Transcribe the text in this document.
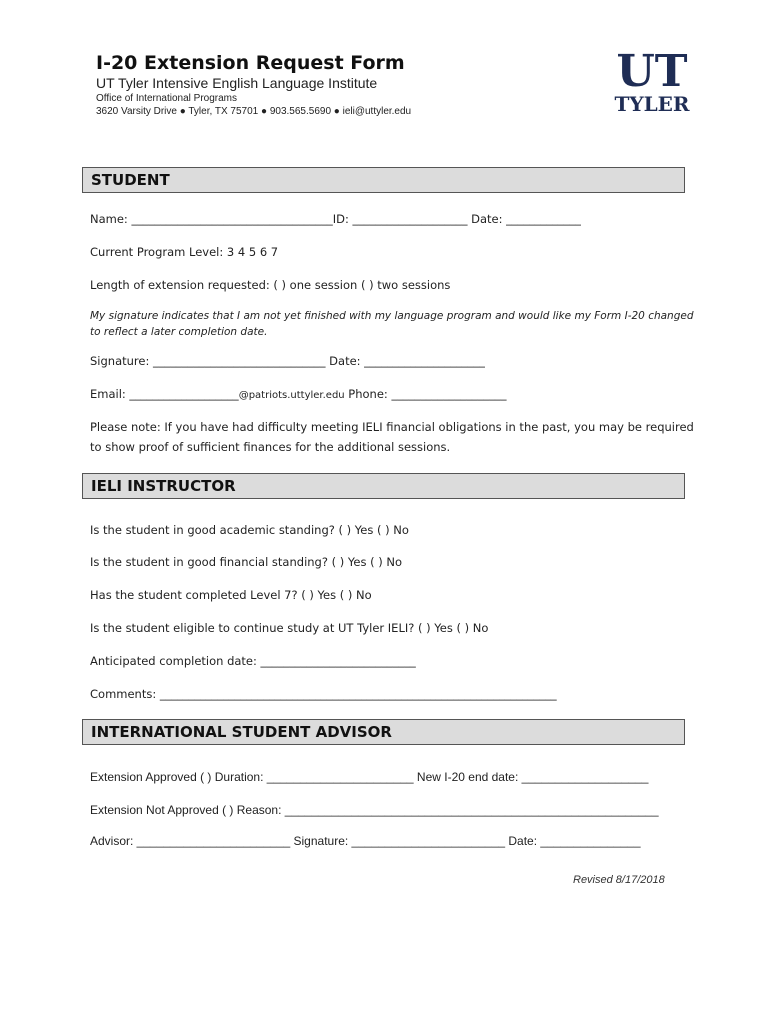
I-20 Extension Request Form
UT Tyler Intensive English Language Institute
Office of International Programs
3620 Varsity Drive ● Tyler, TX 75701 ● 903.565.5690 ● ieli@uttyler.edu
UT
TYLER
STUDENT
Name: ___________________________________ID: ____________________ Date: _____________
Current Program Level: 3 4 5 6 7
Length of extension requested: ( ) one session ( ) two sessions
My signature indicates that I am not yet finished with my language program and would like my Form I-20 changed
to reflect a later completion date.
Signature: ______________________________ Date: _____________________
Email: ___________________@patriots.uttyler.edu Phone: ____________________
Please note: If you have had difficulty meeting IELI financial obligations in the past, you may be required
to show proof of sufficient finances for the additional sessions.
IELI INSTRUCTOR
Is the student in good academic standing? ( ) Yes ( ) No
Is the student in good financial standing? ( ) Yes ( ) No
Has the student completed Level 7? ( ) Yes ( ) No
Is the student eligible to continue study at UT Tyler IELI? ( ) Yes ( ) No
Anticipated completion date: ___________________________
Comments: _____________________________________________________________________
INTERNATIONAL STUDENT ADVISOR
Extension Approved ( ) Duration: ______________________ New I-20 end date: ___________________
Extension Not Approved ( ) Reason: ________________________________________________________
Advisor: _______________________ Signature: _______________________ Date: _______________
Revised 8/17/2018
